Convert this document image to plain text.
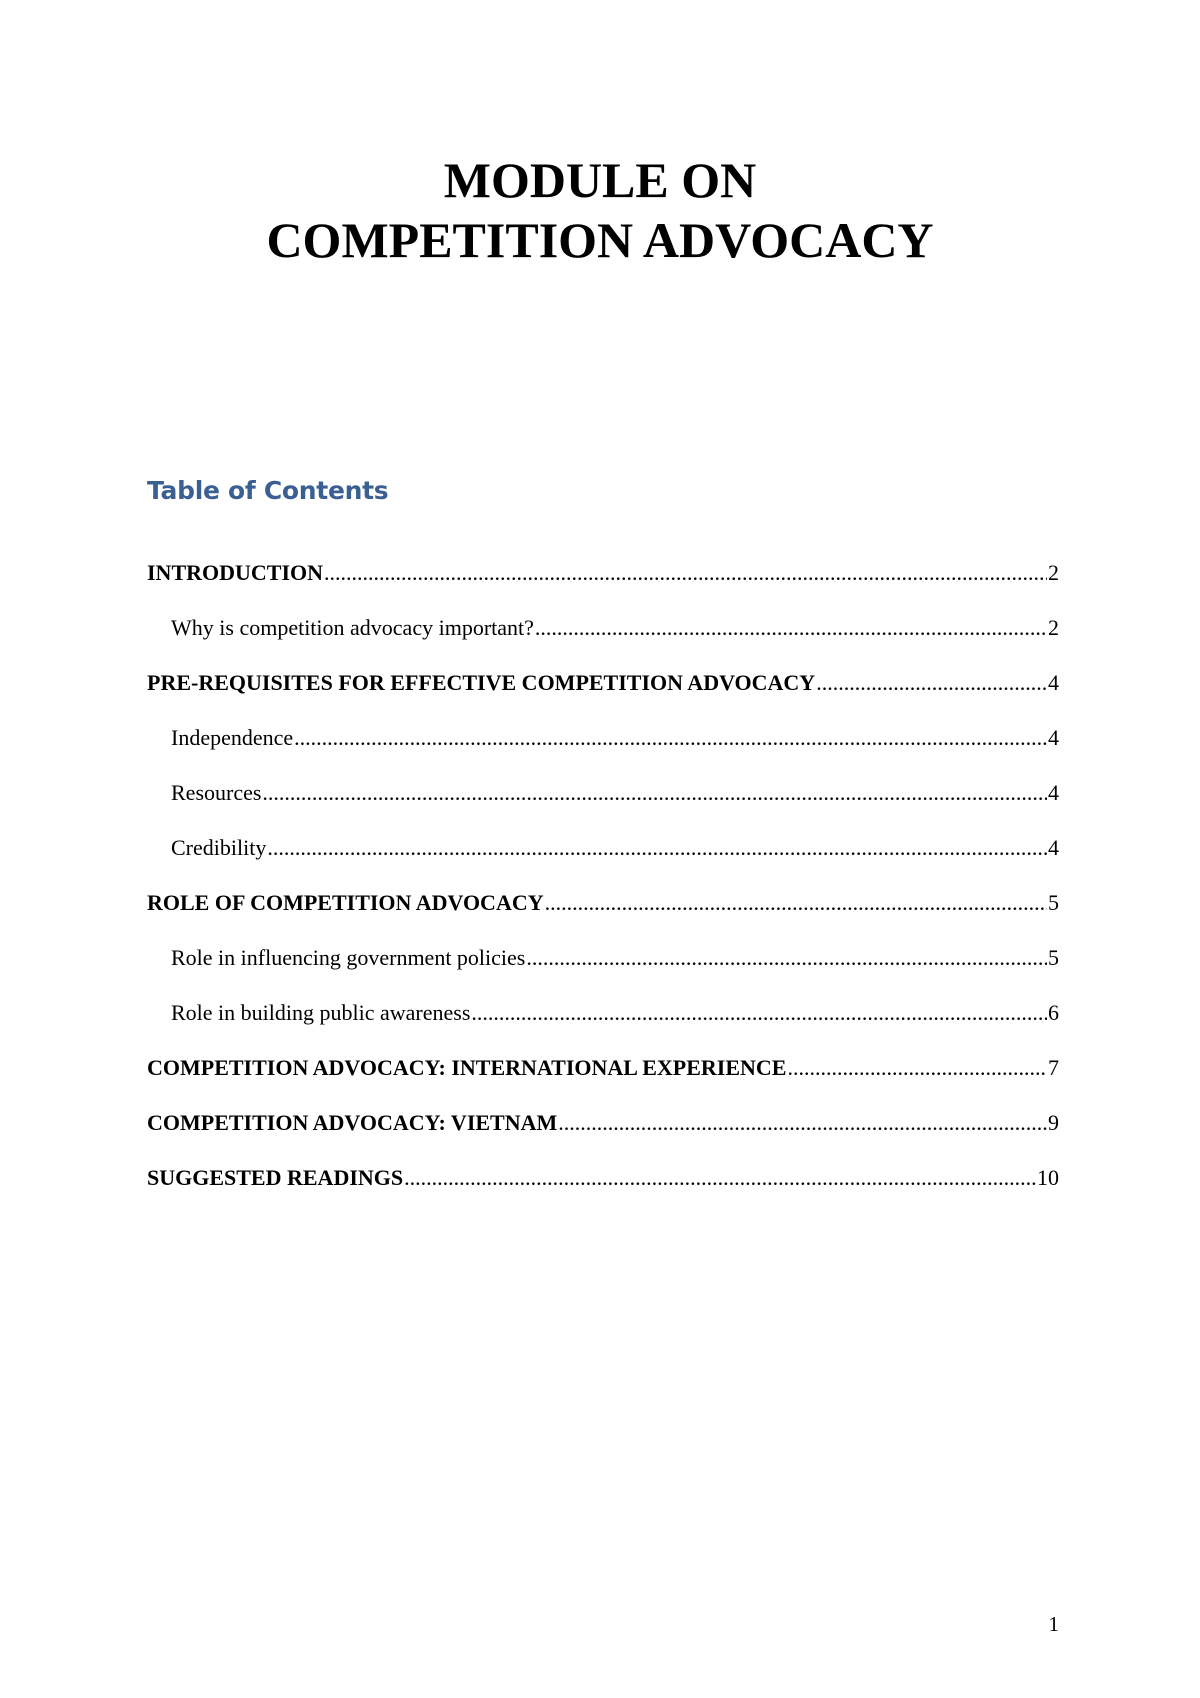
MODULE ON
COMPETITION ADVOCACY
Table of Contents
INTRODUCTION .....	2
Why is competition advocacy important? .....	2
PRE-REQUISITES FOR EFFECTIVE COMPETITION ADVOCACY .....	4
Independence .....	4
Resources .....	4
Credibility .....	4
ROLE OF COMPETITION ADVOCACY .....	5
Role in influencing government policies .....	5
Role in building public awareness .....	6
COMPETITION ADVOCACY: INTERNATIONAL EXPERIENCE .....	7
COMPETITION ADVOCACY: VIETNAM .....	9
SUGGESTED READINGS .....	10
1
